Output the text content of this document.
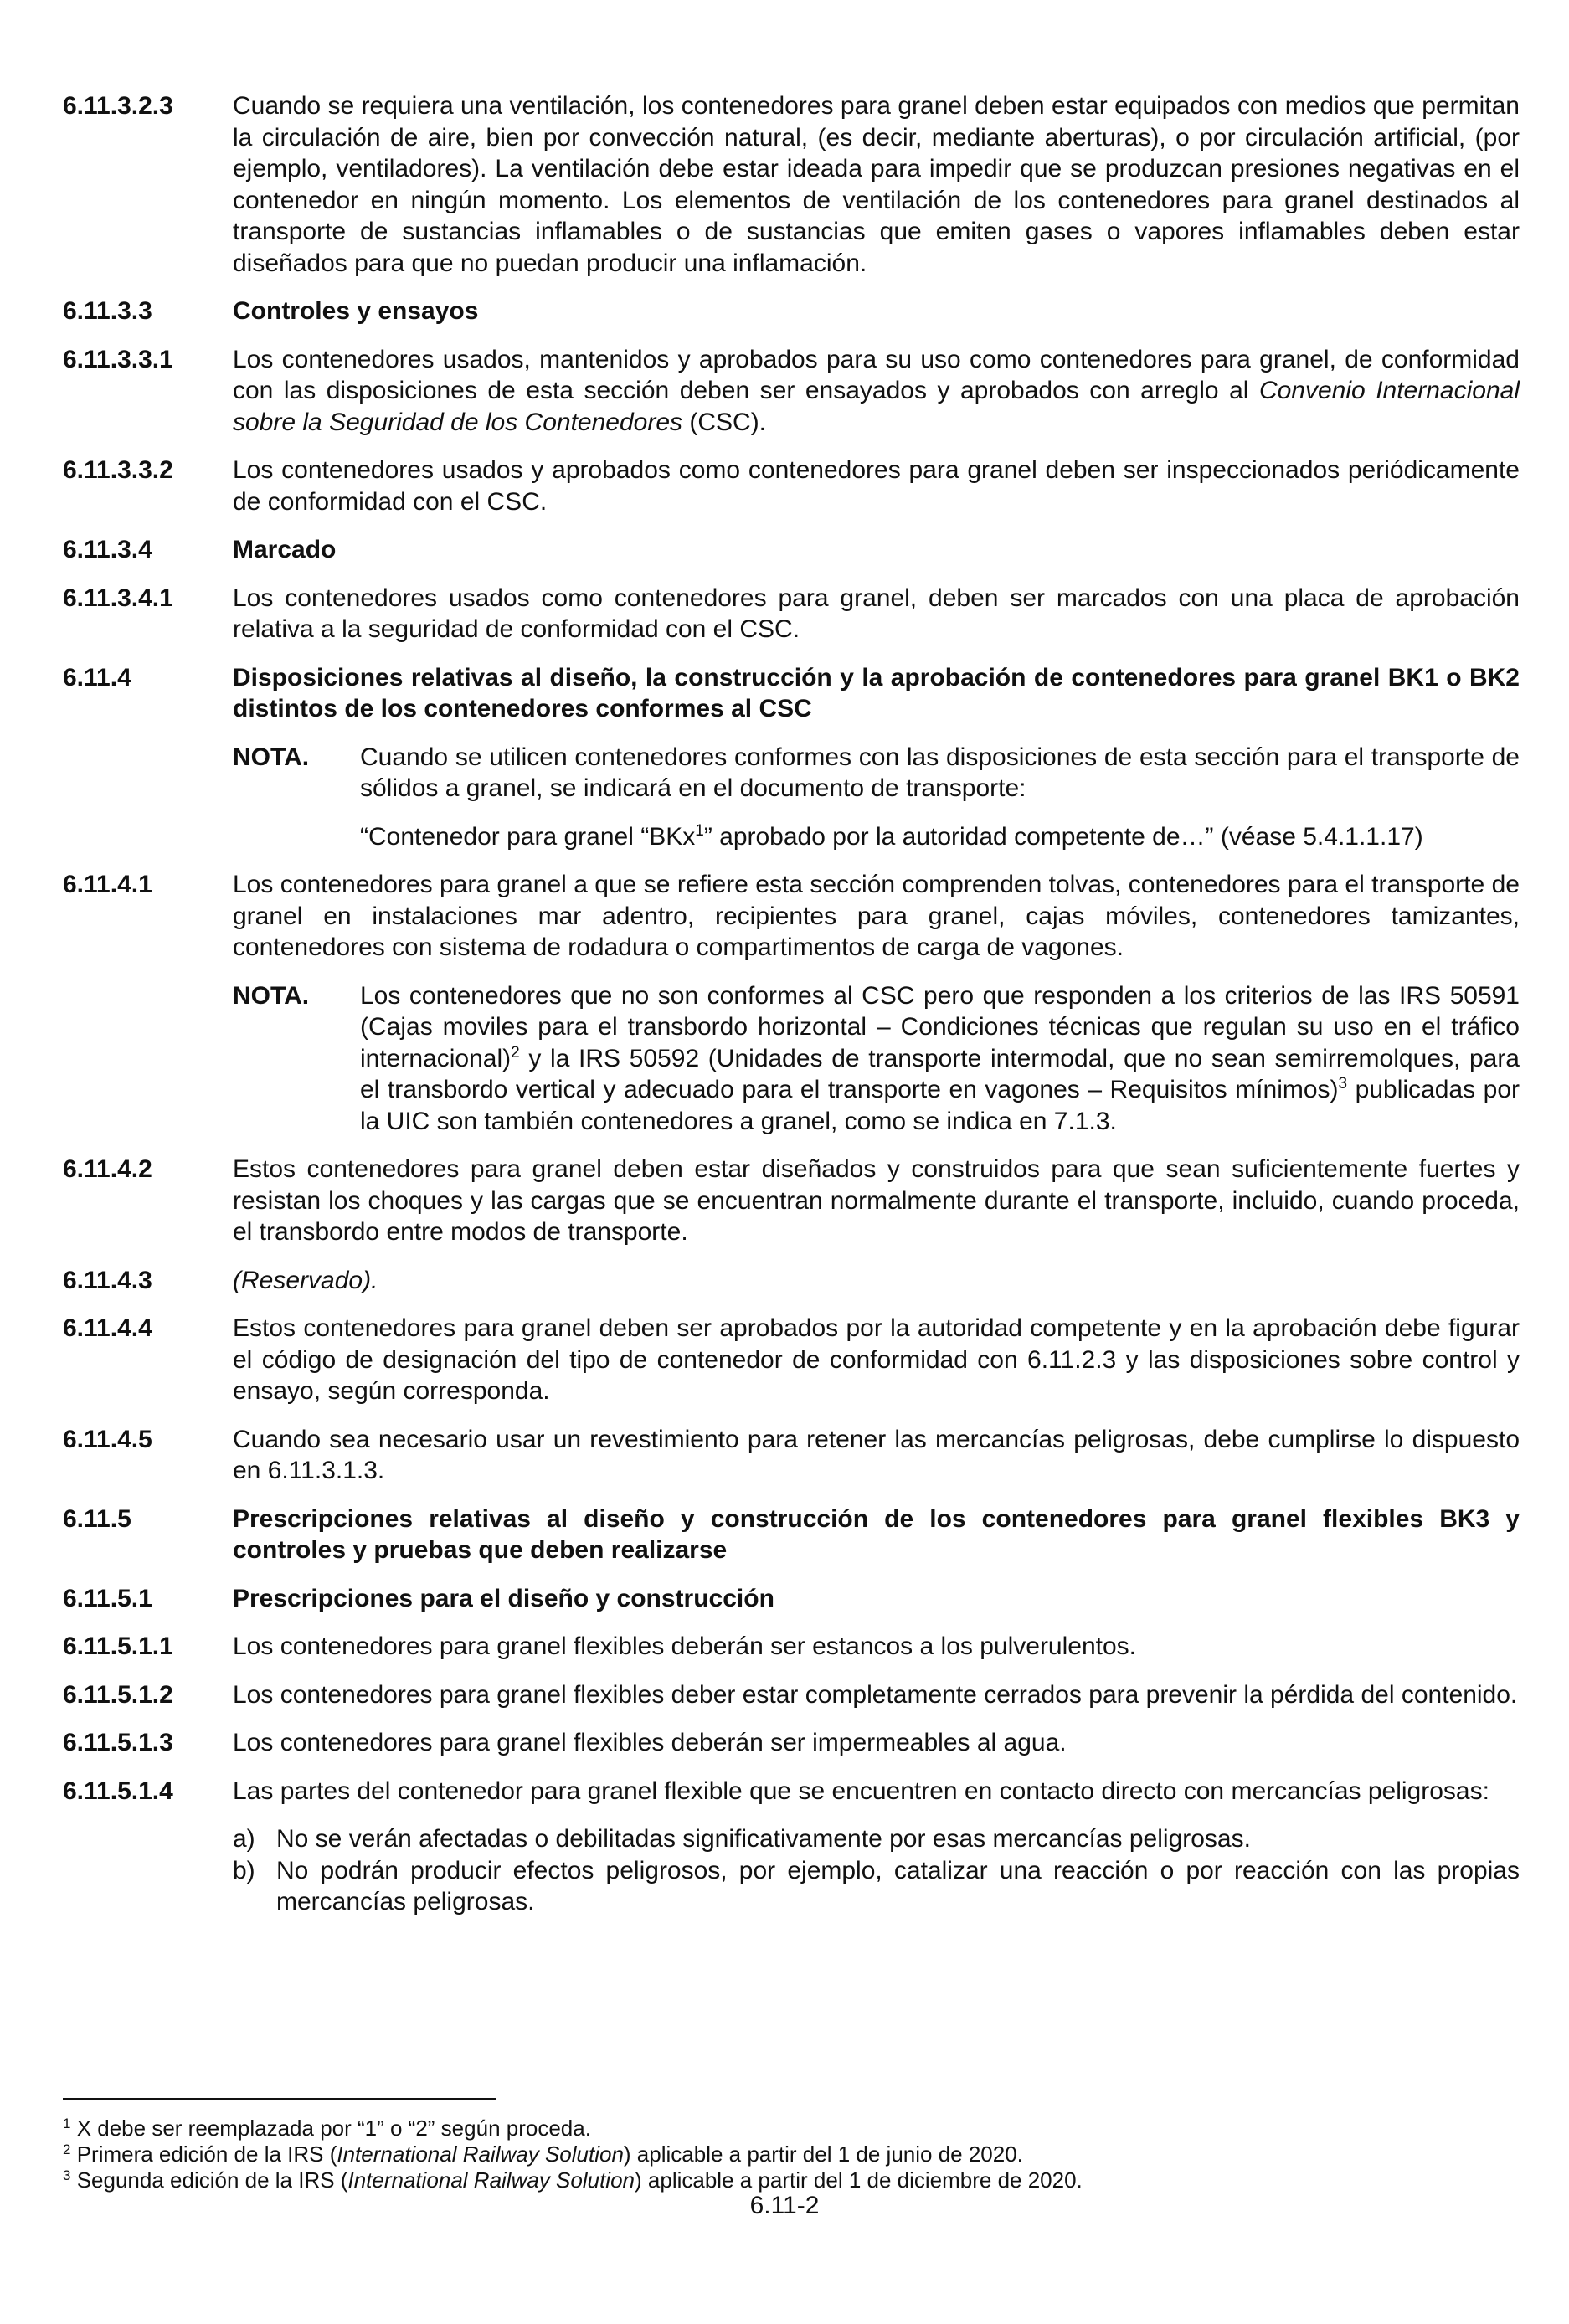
6.11.3.2.3	Cuando se requiera una ventilación, los contenedores para granel deben estar equipados con medios que permitan la circulación de aire, bien por convección natural, (es decir, mediante aberturas), o por circulación artificial, (por ejemplo, ventiladores). La ventilación debe estar ideada para impedir que se produzcan presiones negativas en el contenedor en ningún momento. Los elementos de ventilación de los contenedores para granel destinados al transporte de sustancias inflamables o de sustancias que emiten gases o vapores inflamables deben estar diseñados para que no puedan producir una inflamación.
6.11.3.3	Controles y ensayos
6.11.3.3.1	Los contenedores usados, mantenidos y aprobados para su uso como contenedores para granel, de conformidad con las disposiciones de esta sección deben ser ensayados y aprobados con arreglo al Convenio Internacional sobre la Seguridad de los Contenedores (CSC).
6.11.3.3.2	Los contenedores usados y aprobados como contenedores para granel deben ser inspeccionados periódicamente de conformidad con el CSC.
6.11.3.4	Marcado
6.11.3.4.1	Los contenedores usados como contenedores para granel, deben ser marcados con una placa de aprobación relativa a la seguridad de conformidad con el CSC.
6.11.4	Disposiciones relativas al diseño, la construcción y la aprobación de contenedores para granel BK1 o BK2 distintos de los contenedores conformes al CSC
NOTA.	Cuando se utilicen contenedores conformes con las disposiciones de esta sección para el transporte de sólidos a granel, se indicará en el documento de transporte:

“Contenedor para granel “BKx$^1$” aprobado por la autoridad competente de…” (véase 5.4.1.1.17)

6.11.4.1	Los contenedores para granel a que se refiere esta sección comprenden tolvas, contenedores para el transporte de granel en instalaciones mar adentro, recipientes para granel, cajas móviles, contenedores tamizantes, contenedores con sistema de rodadura o compartimentos de carga de vagones.
NOTA.	Los contenedores que no son conformes al CSC pero que responden a los criterios de las IRS 50591 (Cajas moviles para el transbordo horizontal – Condiciones técnicas que regulan su uso en el tráfico internacional)$^2$ y la IRS 50592 (Unidades de transporte intermodal, que no sean semirremolques, para el transbordo vertical y adecuado para el transporte en vagones – Requisitos mínimos)$^3$ publicadas por la UIC son también contenedores a granel, como se indica en 7.1.3.
6.11.4.2	Estos contenedores para granel deben estar diseñados y construidos para que sean suficientemente fuertes y resistan los choques y las cargas que se encuentran normalmente durante el transporte, incluido, cuando proceda, el transbordo entre modos de transporte.
6.11.4.3	(Reservado).
6.11.4.4	Estos contenedores para granel deben ser aprobados por la autoridad competente y en la aprobación debe figurar el código de designación del tipo de contenedor de conformidad con 6.11.2.3 y las disposiciones sobre control y ensayo, según corresponda.
6.11.4.5	Cuando sea necesario usar un revestimiento para retener las mercancías peligrosas, debe cumplirse lo dispuesto en 6.11.3.1.3.
6.11.5	Prescripciones relativas al diseño y construcción de los contenedores para granel flexibles BK3 y controles y pruebas que deben realizarse
6.11.5.1	Prescripciones para el diseño y construcción
6.11.5.1.1	Los contenedores para granel flexibles deberán ser estancos a los pulverulentos.
6.11.5.1.2	Los contenedores para granel flexibles deber estar completamente cerrados para prevenir la pérdida del contenido.
6.11.5.1.3	Los contenedores para granel flexibles deberán ser impermeables al agua.
6.11.5.1.4	Las partes del contenedor para granel flexible que se encuentren en contacto directo con mercancías peligrosas:
a) No se verán afectadas o debilitadas significativamente por esas mercancías peligrosas.
b) No podrán producir efectos peligrosos, por ejemplo, catalizar una reacción o por reacción con las propias mercancías peligrosas.
$^1$ X debe ser reemplazada por “1” o “2” según proceda.
$^2$ Primera edición de la IRS (International Railway Solution) aplicable a partir del 1 de junio de 2020.
$^3$ Segunda edición de la IRS (International Railway Solution) aplicable a partir del 1 de diciembre de 2020.
6.11-2
